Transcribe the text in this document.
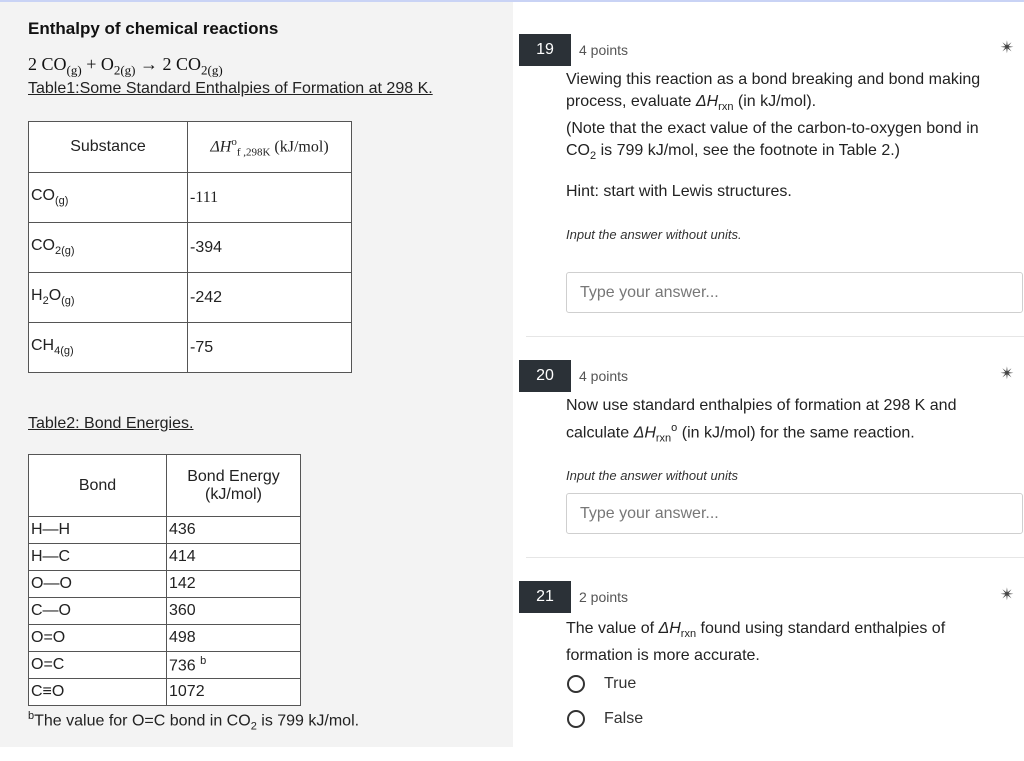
Enthalpy of chemical reactions
2 $CO_{(g)} + O_{2(g)} \to 2$ $CO_{2(g)}$
Table1:Some Standard Enthalpies of Formation at 298 K.
Substance	$\Delta H^o_{f ,298K}$ (kJ/mol)
$CO_{(g)}$	-111
$CO_{2(g)}$	-394
$H_2O_{(g)}$	-242
$CH_{4(g)}$	-75
Table2: Bond Energies.
Bond	Bond Energy
(kJ/mol)
H—H	436
H—C	414
O—O	142
C—O	360
O=O	498
O=C	736 $^b$
C≡O	1072
$^b$The value for O=C bond in $CO_2$ is 799 kJ/mol.
19	4 points	✴
Viewing this reaction as a bond breaking and bond making
process, evaluate $\Delta H_{rxn}$ (in kJ/mol).
(Note that the exact value of the carbon-to-oxygen bond in
$CO_2$ is 799 kJ/mol, see the footnote in Table 2.)
Hint: start with Lewis structures.
Input the answer without units.
Type your answer...
20	4 points	✴
Now use standard enthalpies of formation at 298 K and
calculate $\Delta H_{rxn}^o$ (in kJ/mol) for the same reaction.
Input the answer without units
Type your answer...
21	2 points	✴
The value of $\Delta H_{rxn}$ found using standard enthalpies of
formation is more accurate.
True
False
